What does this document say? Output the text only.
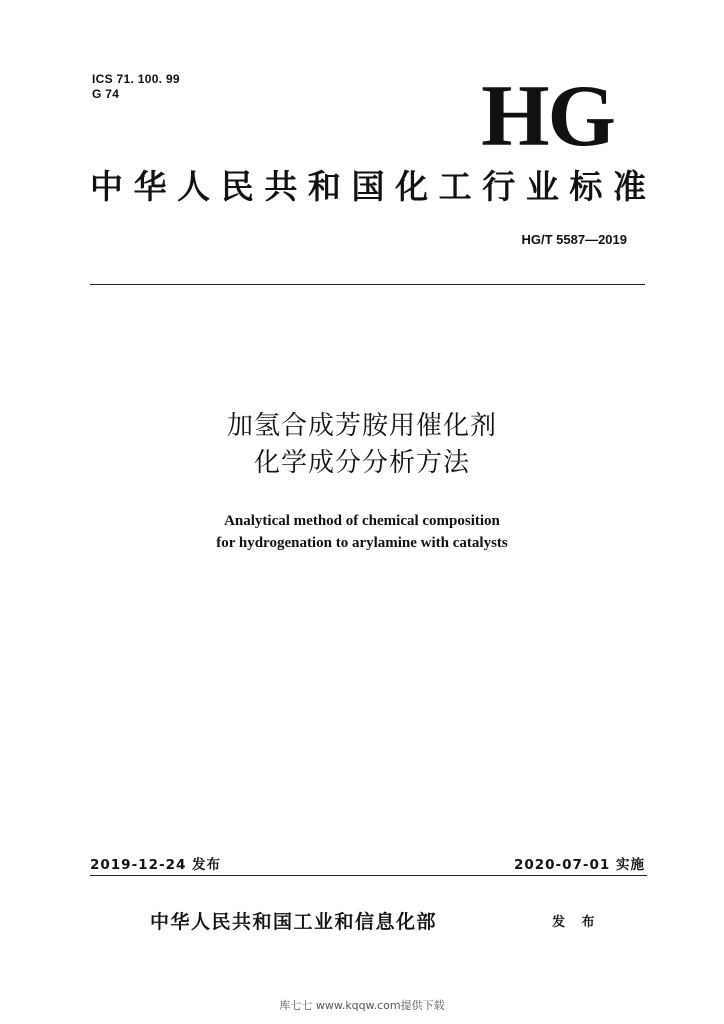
ICS 71. 100. 99
G 74	HG
中华人民共和国化工行业标准
HG/T 5587—2019
加氢合成芳胺用催化剂
化学成分分析方法
Analytical method of chemical composition
for hydrogenation to arylamine with catalysts
2019-12-24 发布	2020-07-01 实施
中华人民共和国工业和信息化部	发 布
库七七 www.kqqw.com提供下载
